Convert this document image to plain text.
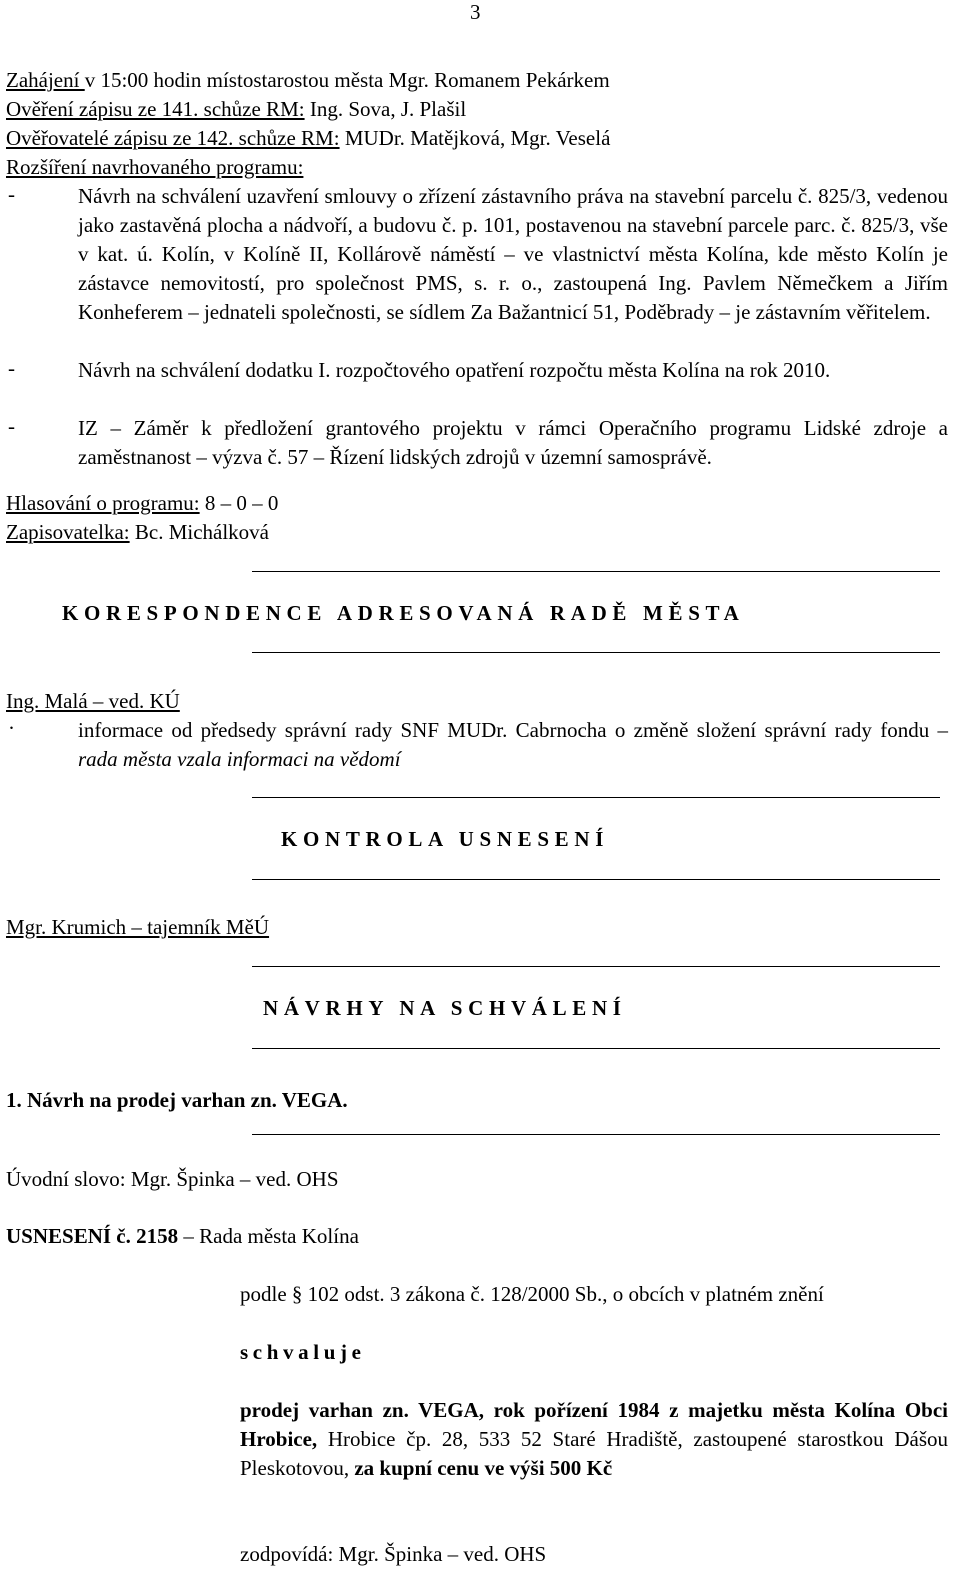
3
Zahájení v 15:00 hodin místostarostou města Mgr. Romanem Pekárkem
Ověření zápisu ze 141. schůze RM: Ing. Sova, J. Plašil
Ověřovatelé zápisu ze 142. schůze RM: MUDr. Matějková, Mgr. Veselá
Rozšíření navrhovaného programu:
-	Návrh na schválení uzavření smlouvy o zřízení zástavního práva na stavební parcelu č. 825/3, vedenou jako zastavěná plocha a nádvoří, a budovu č. p. 101, postavenou na stavební parcele parc. č. 825/3, vše v kat. ú. Kolín, v Kolíně II, Kollárově náměstí – ve vlastnictví města Kolína, kde město Kolín je zástavce nemovitostí, pro společnost PMS, s. r. o., zastoupená Ing. Pavlem Němečkem a Jiřím Konheferem – jednateli společnosti, se sídlem Za Bažantnicí 51, Poděbrady – je zástavním věřitelem.
-	Návrh na schválení dodatku I. rozpočtového opatření rozpočtu města Kolína na rok 2010.
-	IZ – Záměr k předložení grantového projektu v rámci Operačního programu Lidské zdroje a zaměstnanost – výzva č. 57 – Řízení lidských zdrojů v územní samosprávě.
Hlasování o programu: 8 – 0 – 0
Zapisovatelka: Bc. Michálková
KORESPONDENCE ADRESOVANÁ RADĚ MĚSTA
Ing. Malá – ved. KÚ
·	informace od předsedy správní rady SNF MUDr. Cabrnocha o změně složení správní rady fondu – rada města vzala informaci na vědomí
KONTROLA USNESENÍ
Mgr. Krumich – tajemník MěÚ
NÁVRHY NA SCHVÁLENÍ
1. Návrh na prodej varhan zn. VEGA.
Úvodní slovo: Mgr. Špinka – ved. OHS
USNESENÍ č. 2158 – Rada města Kolína
podle § 102 odst. 3 zákona č. 128/2000 Sb., o obcích v platném znění
schvaluje
prodej varhan zn. VEGA, rok pořízení 1984 z majetku města Kolína Obci Hrobice, Hrobice čp. 28, 533 52 Staré Hradiště, zastoupené starostkou Dášou Pleskotovou, za kupní cenu ve výši 500 Kč
zodpovídá: Mgr. Špinka – ved. OHS
